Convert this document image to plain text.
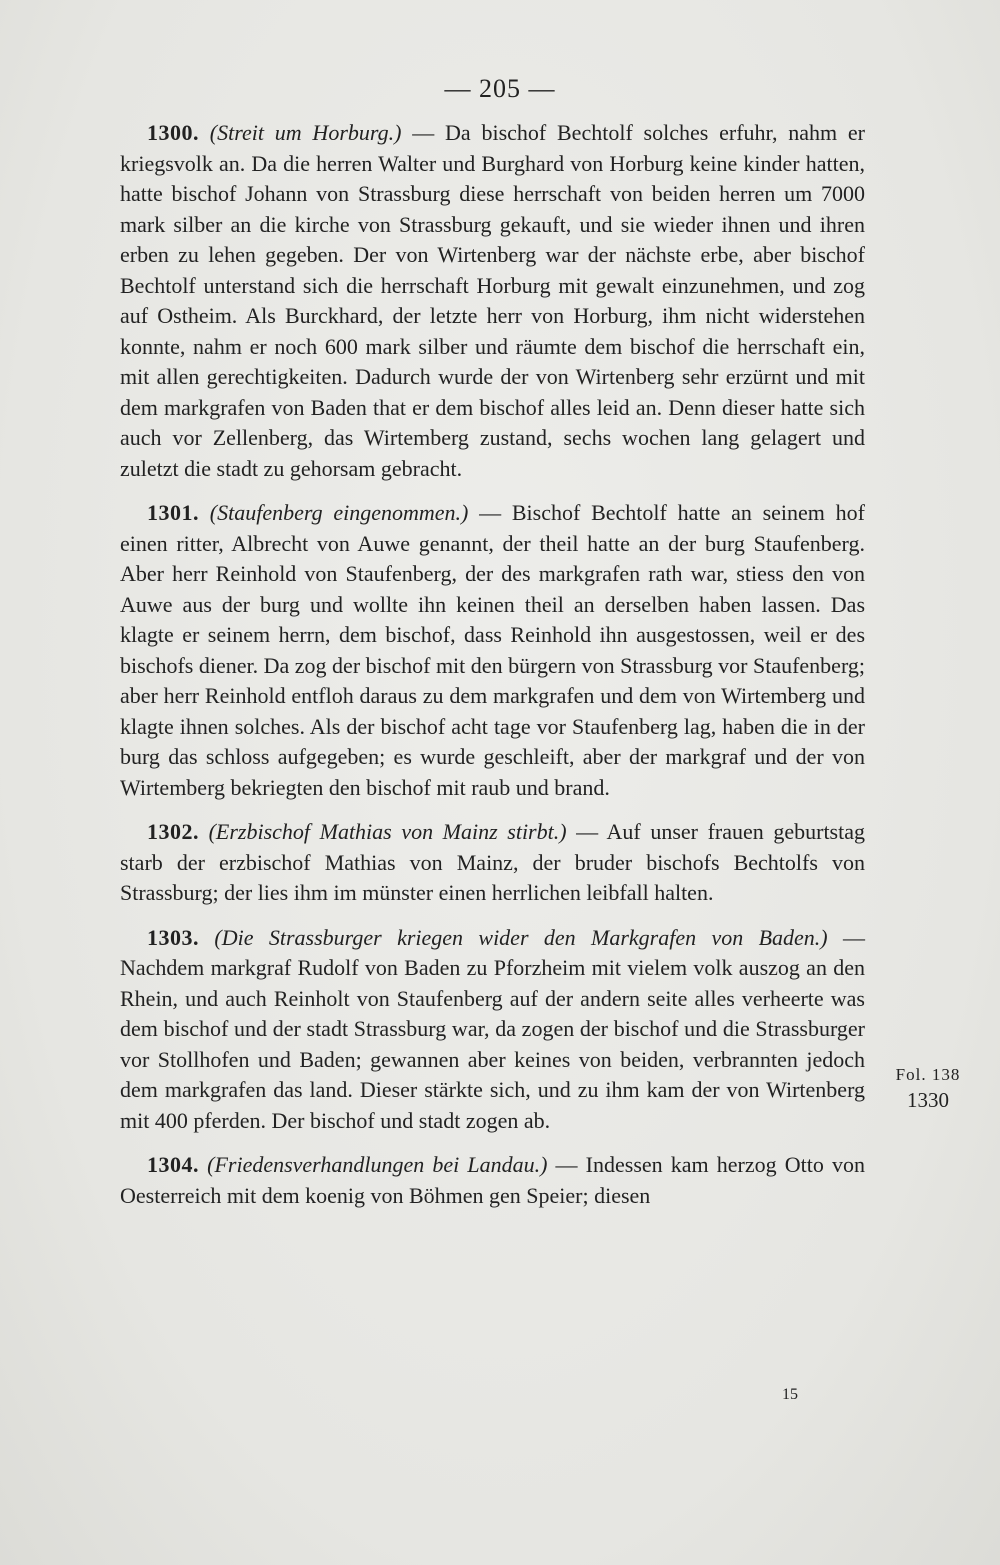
— 205 —

1300. (Streit um Horburg.) — Da bischof Bechtolf solches erfuhr, nahm er kriegsvolk an. Da die herren Walter und Burghard von Horburg keine kinder hatten, hatte bischof Johann von Strassburg diese herrschaft von beiden herren um 7000 mark silber an die kirche von Strassburg gekauft, und sie wieder ihnen und ihren erben zu lehen gegeben. Der von Wirtenberg war der nächste erbe, aber bischof Bechtolf unterstand sich die herrschaft Horburg mit gewalt einzunehmen, und zog auf Ostheim. Als Burckhard, der letzte herr von Horburg, ihm nicht widerstehen konnte, nahm er noch 600 mark silber und räumte dem bischof die herrschaft ein, mit allen gerechtigkeiten. Dadurch wurde der von Wirtenberg sehr erzürnt und mit dem markgrafen von Baden that er dem bischof alles leid an. Denn dieser hatte sich auch vor Zellenberg, das Wirtemberg zustand, sechs wochen lang gelagert und zuletzt die stadt zu gehorsam gebracht.

1301. (Staufenberg eingenommen.) — Bischof Bechtolf hatte an seinem hof einen ritter, Albrecht von Auwe genannt, der theil hatte an der burg Staufenberg. Aber herr Reinhold von Staufenberg, der des markgrafen rath war, stiess den von Auwe aus der burg und wollte ihn keinen theil an derselben haben lassen. Das klagte er seinem herrn, dem bischof, dass Reinhold ihn ausgestossen, weil er des bischofs diener. Da zog der bischof mit den bürgern von Strassburg vor Staufenberg; aber herr Reinhold entfloh daraus zu dem markgrafen und dem von Wirtemberg und klagte ihnen solches. Als der bischof acht tage vor Staufenberg lag, haben die in der burg das schloss aufgegeben; es wurde geschleift, aber der markgraf und der von Wirtemberg bekriegten den bischof mit raub und brand.

1302. (Erzbischof Mathias von Mainz stirbt.) — Auf unser frauen geburtstag starb der erzbischof Mathias von Mainz, der bruder bischofs Bechtolfs von Strassburg; der lies ihm im münster einen herrlichen leibfall halten.

1303. (Die Strassburger kriegen wider den Markgrafen von Baden.) — Nachdem markgraf Rudolf von Baden zu Pforzheim mit vielem volk auszog an den Rhein, und auch Reinholt von Staufenberg auf der andern seite alles verheerte was dem bischof und der stadt Strassburg war, da zogen der bischof und die Strassburger vor Stollhofen und Baden; gewannen aber keines von beiden, verbrannten jedoch dem markgrafen das land. Dieser stärkte sich, und zu ihm kam der von Wirtenberg mit 400 pferden. Der bischof und stadt zogen ab.

1304. (Friedensverhandlungen bei Landau.) — Indessen kam herzog Otto von Oesterreich mit dem koenig von Böhmen gen Speier; diesen

Fol. 138
1330
15
